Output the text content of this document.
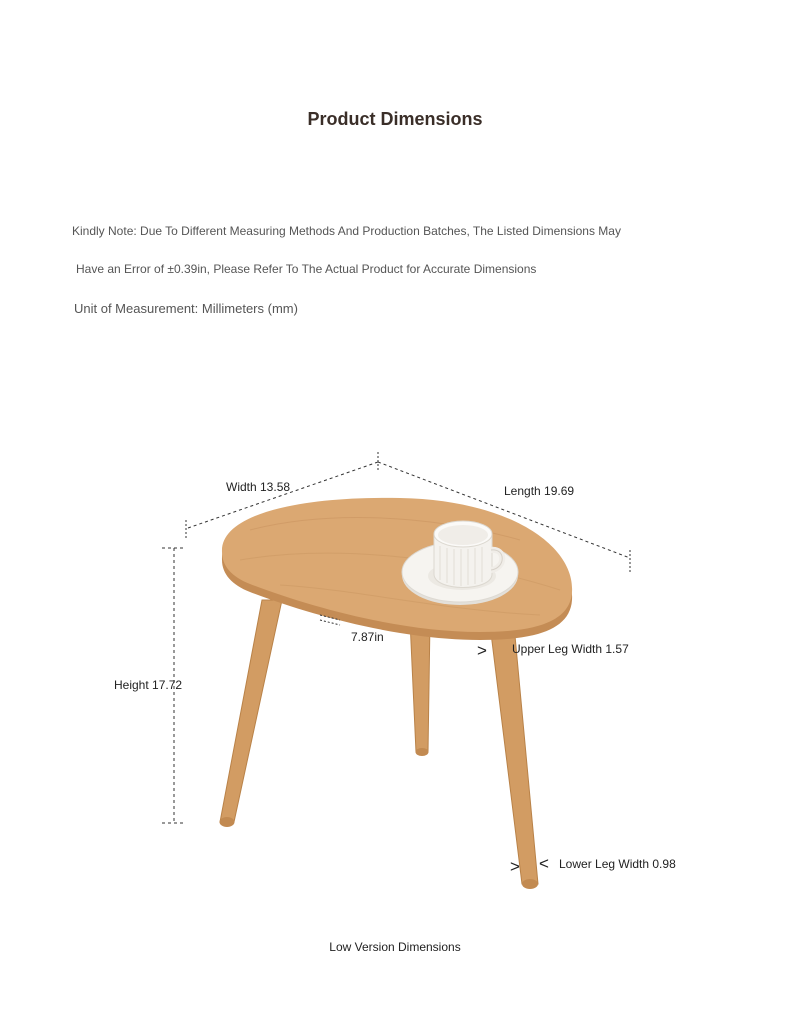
Product Dimensions
Kindly Note: Due To Different Measuring Methods And Production Batches, The Listed Dimensions May
Have an Error of ±0.39in, Please Refer To The Actual Product for Accurate Dimensions
Unit of Measurement: Millimeters (mm)
Width 13.58	Length 19.69
Height 17.72
7.87in
> Upper Leg Width 1.57
> < Lower Leg Width 0.98
Low Version Dimensions
